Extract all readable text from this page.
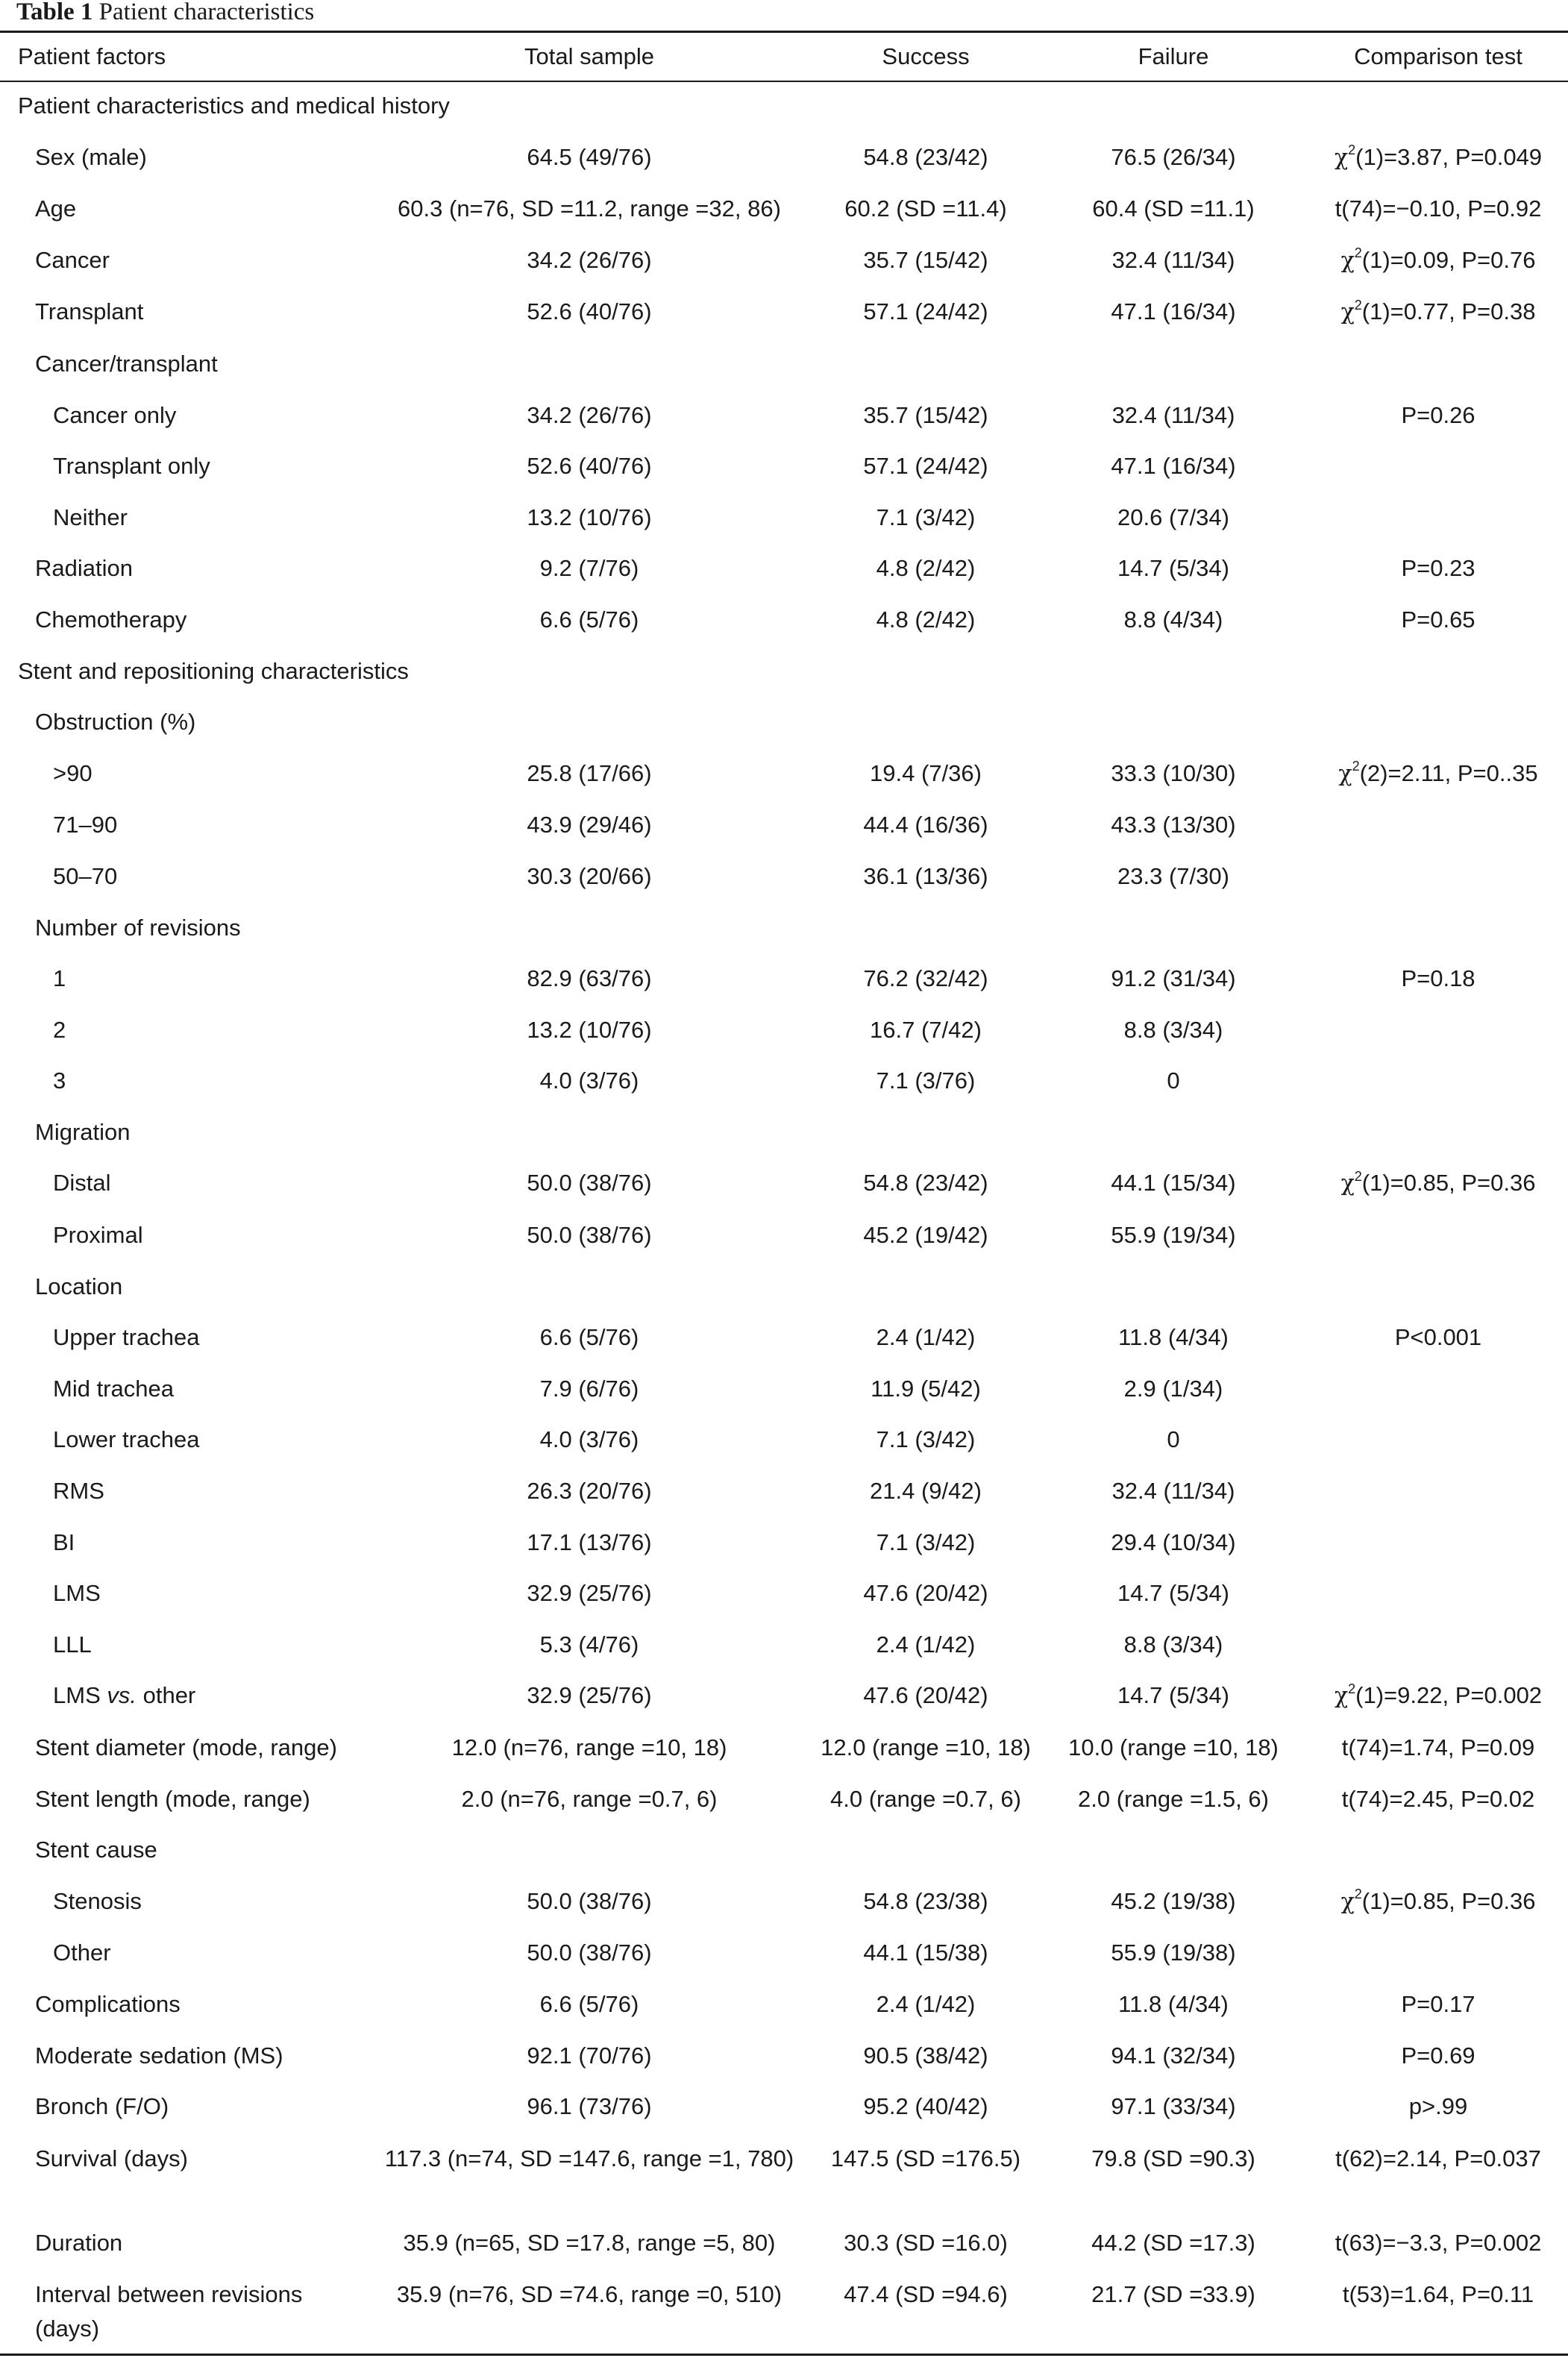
Table 1 Patient characteristics
Patient factors	Total sample	Success	Failure	Comparison test
Patient characteristics and medical history				
Sex (male)	64.5 (49/76)	54.8 (23/42)	76.5 (26/34)	$\chi^2(1)=3.87$, P=0.049
Age	60.3 (n=76, SD =11.2, range =32, 86)	60.2 (SD =11.4)	60.4 (SD =11.1)	t(74)=−0.10, P=0.92
Cancer	34.2 (26/76)	35.7 (15/42)	32.4 (11/34)	$\chi^2(1)=0.09$, P=0.76
Transplant	52.6 (40/76)	57.1 (24/42)	47.1 (16/34)	$\chi^2(1)=0.77$, P=0.38
Cancer/transplant				
Cancer only	34.2 (26/76)	35.7 (15/42)	32.4 (11/34)	P=0.26
Transplant only	52.6 (40/76)	57.1 (24/42)	47.1 (16/34)	
Neither	13.2 (10/76)	7.1 (3/42)	20.6 (7/34)	
Radiation	9.2 (7/76)	4.8 (2/42)	14.7 (5/34)	P=0.23
Chemotherapy	6.6 (5/76)	4.8 (2/42)	8.8 (4/34)	P=0.65
Stent and repositioning characteristics				
Obstruction (%)				
>90	25.8 (17/66)	19.4 (7/36)	33.3 (10/30)	$\chi^2(2)=2.11$, P=0..35
71–90	43.9 (29/46)	44.4 (16/36)	43.3 (13/30)	
50–70	30.3 (20/66)	36.1 (13/36)	23.3 (7/30)	
Number of revisions				
1	82.9 (63/76)	76.2 (32/42)	91.2 (31/34)	P=0.18
2	13.2 (10/76)	16.7 (7/42)	8.8 (3/34)	
3	4.0 (3/76)	7.1 (3/76)	0	
Migration				
Distal	50.0 (38/76)	54.8 (23/42)	44.1 (15/34)	$\chi^2(1)=0.85$, P=0.36
Proximal	50.0 (38/76)	45.2 (19/42)	55.9 (19/34)	
Location				
Upper trachea	6.6 (5/76)	2.4 (1/42)	11.8 (4/34)	P<0.001
Mid trachea	7.9 (6/76)	11.9 (5/42)	2.9 (1/34)	
Lower trachea	4.0 (3/76)	7.1 (3/42)	0	
RMS	26.3 (20/76)	21.4 (9/42)	32.4 (11/34)	
BI	17.1 (13/76)	7.1 (3/42)	29.4 (10/34)	
LMS	32.9 (25/76)	47.6 (20/42)	14.7 (5/34)	
LLL	5.3 (4/76)	2.4 (1/42)	8.8 (3/34)	
LMS vs. other	32.9 (25/76)	47.6 (20/42)	14.7 (5/34)	$\chi^2(1)=9.22$, P=0.002
Stent diameter (mode, range)	12.0 (n=76, range =10, 18)	12.0 (range =10, 18)	10.0 (range =10, 18)	t(74)=1.74, P=0.09
Stent length (mode, range)	2.0 (n=76, range =0.7, 6)	4.0 (range =0.7, 6)	2.0 (range =1.5, 6)	t(74)=2.45, P=0.02
Stent cause				
Stenosis	50.0 (38/76)	54.8 (23/38)	45.2 (19/38)	$\chi^2(1)=0.85$, P=0.36
Other	50.0 (38/76)	44.1 (15/38)	55.9 (19/38)	
Complications	6.6 (5/76)	2.4 (1/42)	11.8 (4/34)	P=0.17
Moderate sedation (MS)	92.1 (70/76)	90.5 (38/42)	94.1 (32/34)	P=0.69
Bronch (F/O)	96.1 (73/76)	95.2 (40/42)	97.1 (33/34)	p>.99
Survival (days)	117.3 (n=74, SD =147.6, range =1, 780)	147.5 (SD =176.5)	79.8 (SD =90.3)	t(62)=2.14, P=0.037
Duration	35.9 (n=65, SD =17.8, range =5, 80)	30.3 (SD =16.0)	44.2 (SD =17.3)	t(63)=−3.3, P=0.002
Interval between revisions (days)	35.9 (n=76, SD =74.6, range =0, 510)	47.4 (SD =94.6)	21.7 (SD =33.9)	t(53)=1.64, P=0.11
